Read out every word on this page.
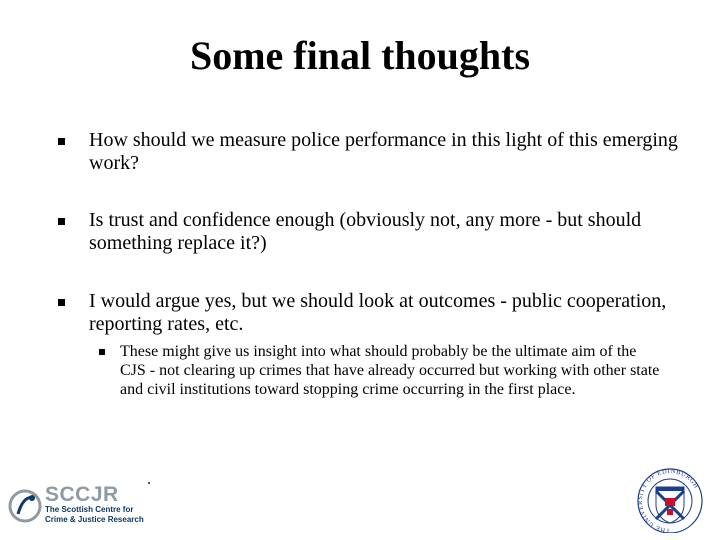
Some final thoughts
How should we measure police performance in this light of this emerging work?
Is trust and confidence enough (obviously not, any more - but should something replace it?)
I would argue yes, but we should look at outcomes - public cooperation, reporting rates, etc.
These might give us insight into what should probably be the ultimate aim of the CJS - not clearing up crimes that have already occurred but working with other state and civil institutions toward stopping crime occurring in the first place.
SCCJR
The Scottish Centre for Crime & Justice Research
THE UNIVERSITY OF EDINBURGH
